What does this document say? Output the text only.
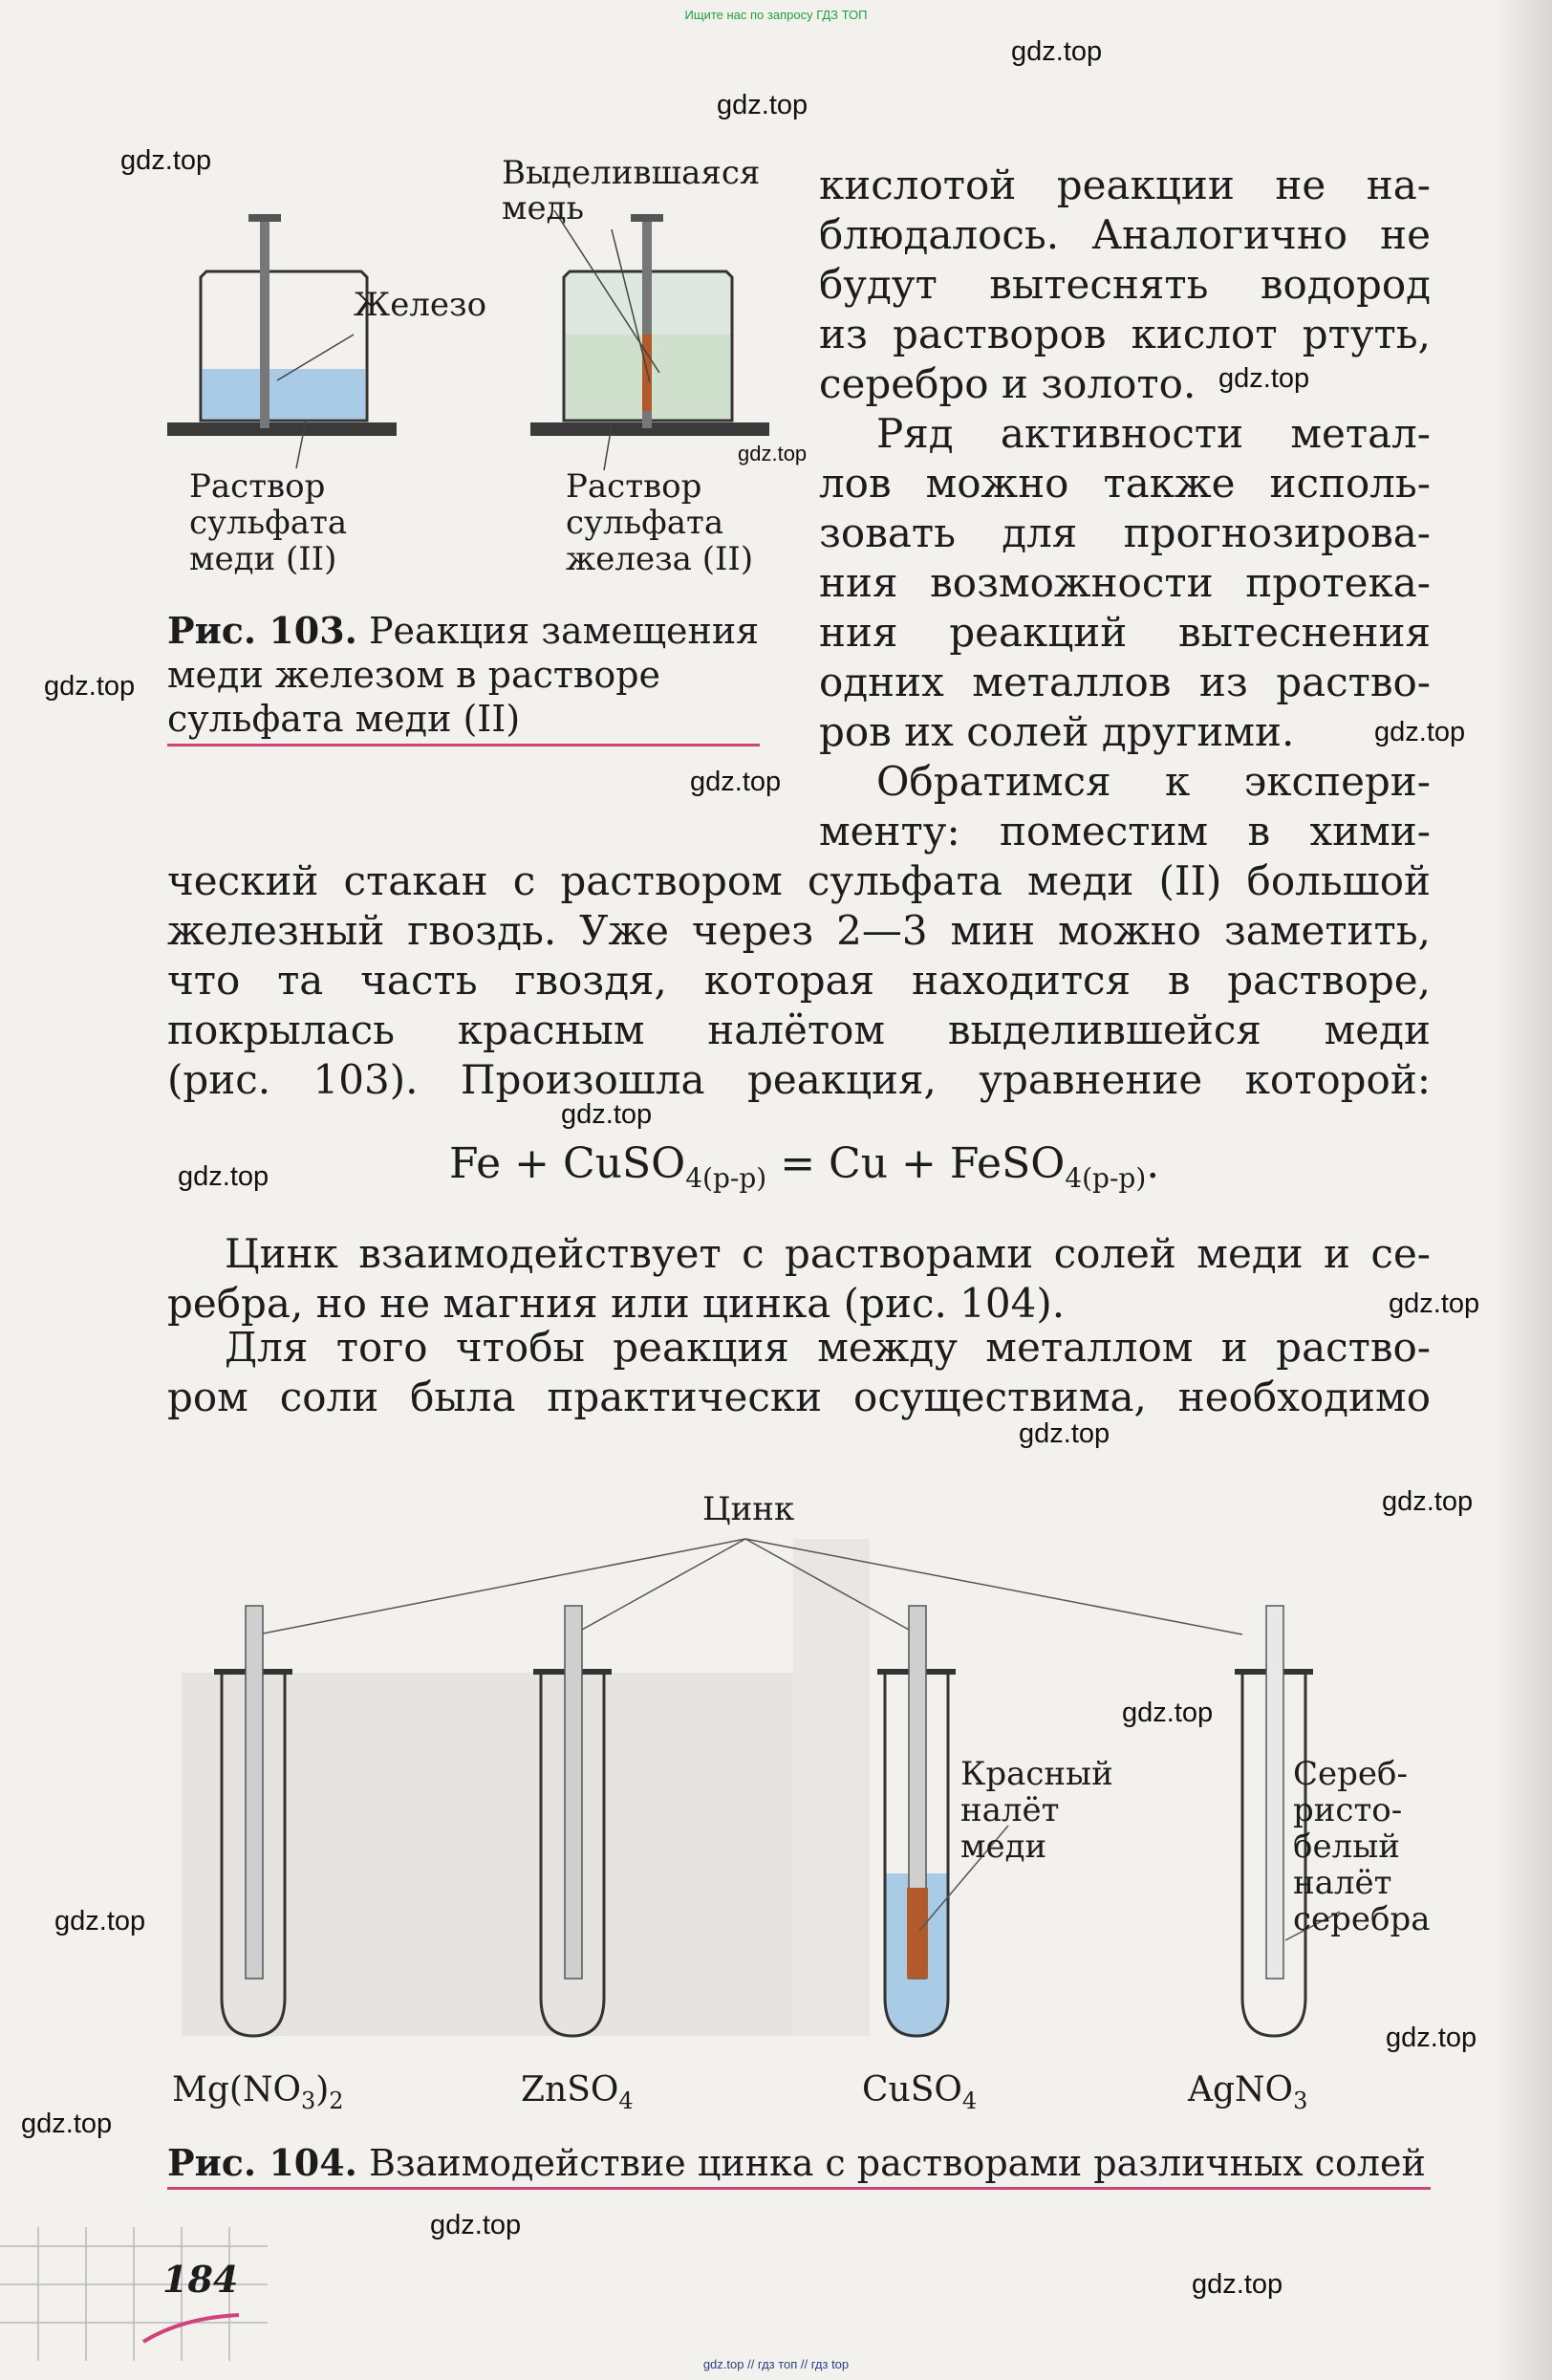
Ищите нас по запросу ГДЗ ТОП
gdz.top
gdz.top
gdz.top
gdz.top
gdz.top
gdz.top
gdz.top
gdz.top
gdz.top
gdz.top
gdz.top
gdz.top
gdz.top
gdz.top
gdz.top
gdz.top
gdz.top
gdz.top
gdz.top
Выделившаяся
медь
Железо
Раствор
сульфата
меди (II)
Раствор
сульфата
железа (II)
Рис. 103. Реакция замещения
меди железом в растворе
сульфата меди (II)
кислотой реакции не на-
блюдалось. Аналогично не
будут вытеснять водород
из растворов кислот ртуть,
серебро и золото.
Ряд активности метал-
лов можно также исполь-
зовать для прогнозирова-
ния возможности протека-
ния реакций вытеснения
одних металлов из раство-
ров их солей другими.
Обратимся к экспери-
менту: поместим в хими-
ческий стакан с раствором сульфата меди (II) большой
железный гвоздь. Уже через 2—3 мин можно заметить,
что та часть гвоздя, которая находится в растворе,
покрылась красным налётом выделившейся меди
(рис. 103). Произошла реакция, уравнение которой:
Fe + CuSO$_{4(р-р)}$ = Cu + FeSO$_{4(р-р)}$.
Цинк взаимодействует с растворами солей меди и се-
ребра, но не магния или цинка (рис. 104).
Для того чтобы реакция между металлом и раство-
ром соли была практически осуществима, необходимо
Цинк
Красный
налёт
меди
Сереб-
ристо-
белый
налёт
серебра
$Mg(NO_3)_2$	ZnSO$_4$	CuSO$_4$	AgNO$_3$
Рис. 104. Взаимодействие цинка с растворами различных солей
184
gdz.top // гдз топ // гдз top
